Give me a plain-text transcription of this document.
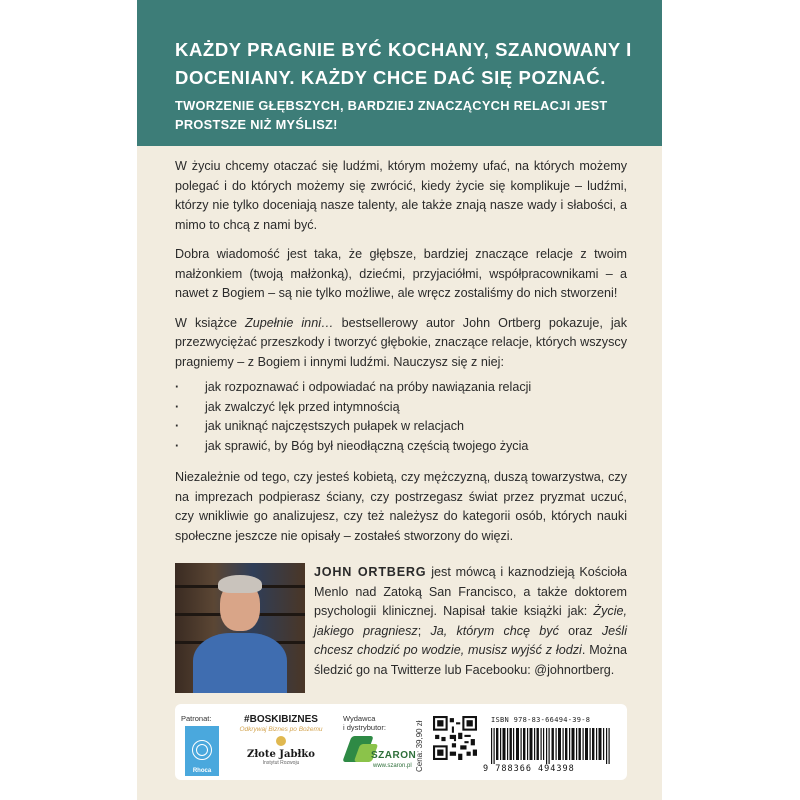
KAŻDY PRAGNIE BYĆ KOCHANY, SZANOWANY I DOCENIANY. KAŻDY CHCE DAĆ SIĘ POZNAĆ.
TWORZENIE GŁĘBSZYCH, BARDZIEJ ZNACZĄCYCH RELACJI JEST PROSTSZE NIŻ MYŚLISZ!

W życiu chcemy otaczać się ludźmi, którym możemy ufać, na których możemy polegać i do których możemy się zwrócić, kiedy życie się komplikuje – ludźmi, którzy nie tylko doceniają nasze talenty, ale także znają nasze wady i słabości, a mimo to chcą z nami być.

Dobra wiadomość jest taka, że głębsze, bardziej znaczące relacje z twoim małżonkiem (twoją małżonką), dziećmi, przyjaciółmi, współpracownikami – a nawet z Bogiem – są nie tylko możliwe, ale wręcz zostaliśmy do nich stworzeni!

W książce Zupełnie inni… bestsellerowy autor John Ortberg pokazuje, jak przezwyciężać przeszkody i tworzyć głębokie, znaczące relacje, których wszyscy pragniemy – z Bogiem i innymi ludźmi. Nauczysz się z niej:

· jak rozpoznawać i odpowiadać na próby nawiązania relacji
· jak zwalczyć lęk przed intymnością
· jak uniknąć najczęstszych pułapek w relacjach
· jak sprawić, by Bóg był nieodłączną częścią twojego życia

Niezależnie od tego, czy jesteś kobietą, czy mężczyzną, duszą towarzystwa, czy na imprezach podpierasz ściany, czy postrzegasz świat przez pryzmat uczuć, czy wnikliwie go analizujesz, czy też należysz do kategorii osób, których nauki społeczne jeszcze nie opisały – zostałeś stworzony do więzi.

JOHN ORTBERG jest mówcą i kaznodzieją Kościoła Menlo nad Zatoką San Francisco, a także doktorem psychologii klinicznej. Napisał takie książki jak: Życie, jakiego pragniesz; Ja, którym chcę być oraz Jeśli chcesz chodzić po wodzie, musisz wyjść z łodzi. Można śledzić go na Twitterze lub Facebooku: @johnortberg.
Patronat:
Rhoca
#BOSKIBIZNES
Odkrywaj Biznes po Bożemu
Złote Jabłko
Instytut Rozwoju
Wydawca
i dystrybutor:
SZARON
www.szaron.pl Cena: 39,90 zł
ISBN 978-83-66494-39-8
9 788366 494398
